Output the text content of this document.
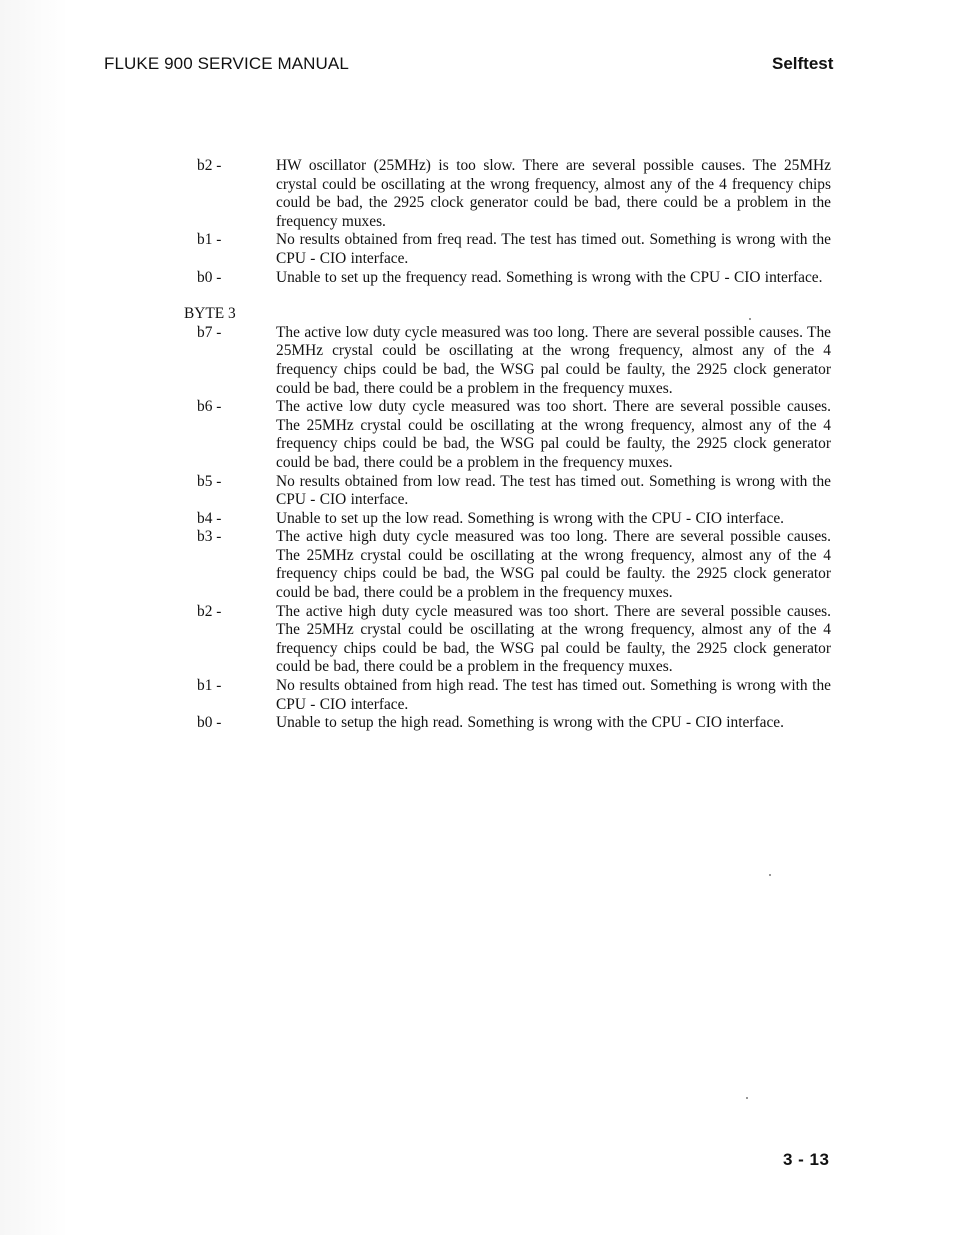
FLUKE 900 SERVICE MANUAL	Selftest
b2 -	HW oscillator (25MHz) is too slow. There are several possible causes. The 25MHz crystal could be oscillating at the wrong frequency, almost any of the 4 frequency chips could be bad, the 2925 clock generator could be bad, there could be a problem in the frequency muxes.
b1 -	No results obtained from freq read. The test has timed out. Something is wrong with the CPU - CIO interface.
b0 -	Unable to set up the frequency read. Something is wrong with the CPU - CIO interface.
BYTE 3
b7 -	The active low duty cycle measured was too long. There are several possible causes. The 25MHz crystal could be oscillating at the wrong frequency, almost any of the 4 frequency chips could be bad, the WSG pal could be faulty, the 2925 clock generator could be bad, there could be a problem in the frequency muxes.
b6 -	The active low duty cycle measured was too short. There are several possible causes. The 25MHz crystal could be oscillating at the wrong frequency, almost any of the 4 frequency chips could be bad, the WSG pal could be faulty, the 2925 clock generator could be bad, there could be a problem in the frequency muxes.
b5 -	No results obtained from low read. The test has timed out. Something is wrong with the CPU - CIO interface.
b4 -	Unable to set up the low read. Something is wrong with the CPU - CIO interface.
b3 -	The active high duty cycle measured was too long. There are several possible causes. The 25MHz crystal could be oscillating at the wrong frequency, almost any of the 4 frequency chips could be bad, the WSG pal could be faulty. the 2925 clock generator could be bad, there could be a problem in the frequency muxes.
b2 -	The active high duty cycle measured was too short. There are several possible causes. The 25MHz crystal could be oscillating at the wrong frequency, almost any of the 4 frequency chips could be bad, the WSG pal could be faulty, the 2925 clock generator could be bad, there could be a problem in the frequency muxes.
b1 -	No results obtained from high read. The test has timed out. Something is wrong with the CPU - CIO interface.
b0 -	Unable to setup the high read. Something is wrong with the CPU - CIO interface.
3 - 13
